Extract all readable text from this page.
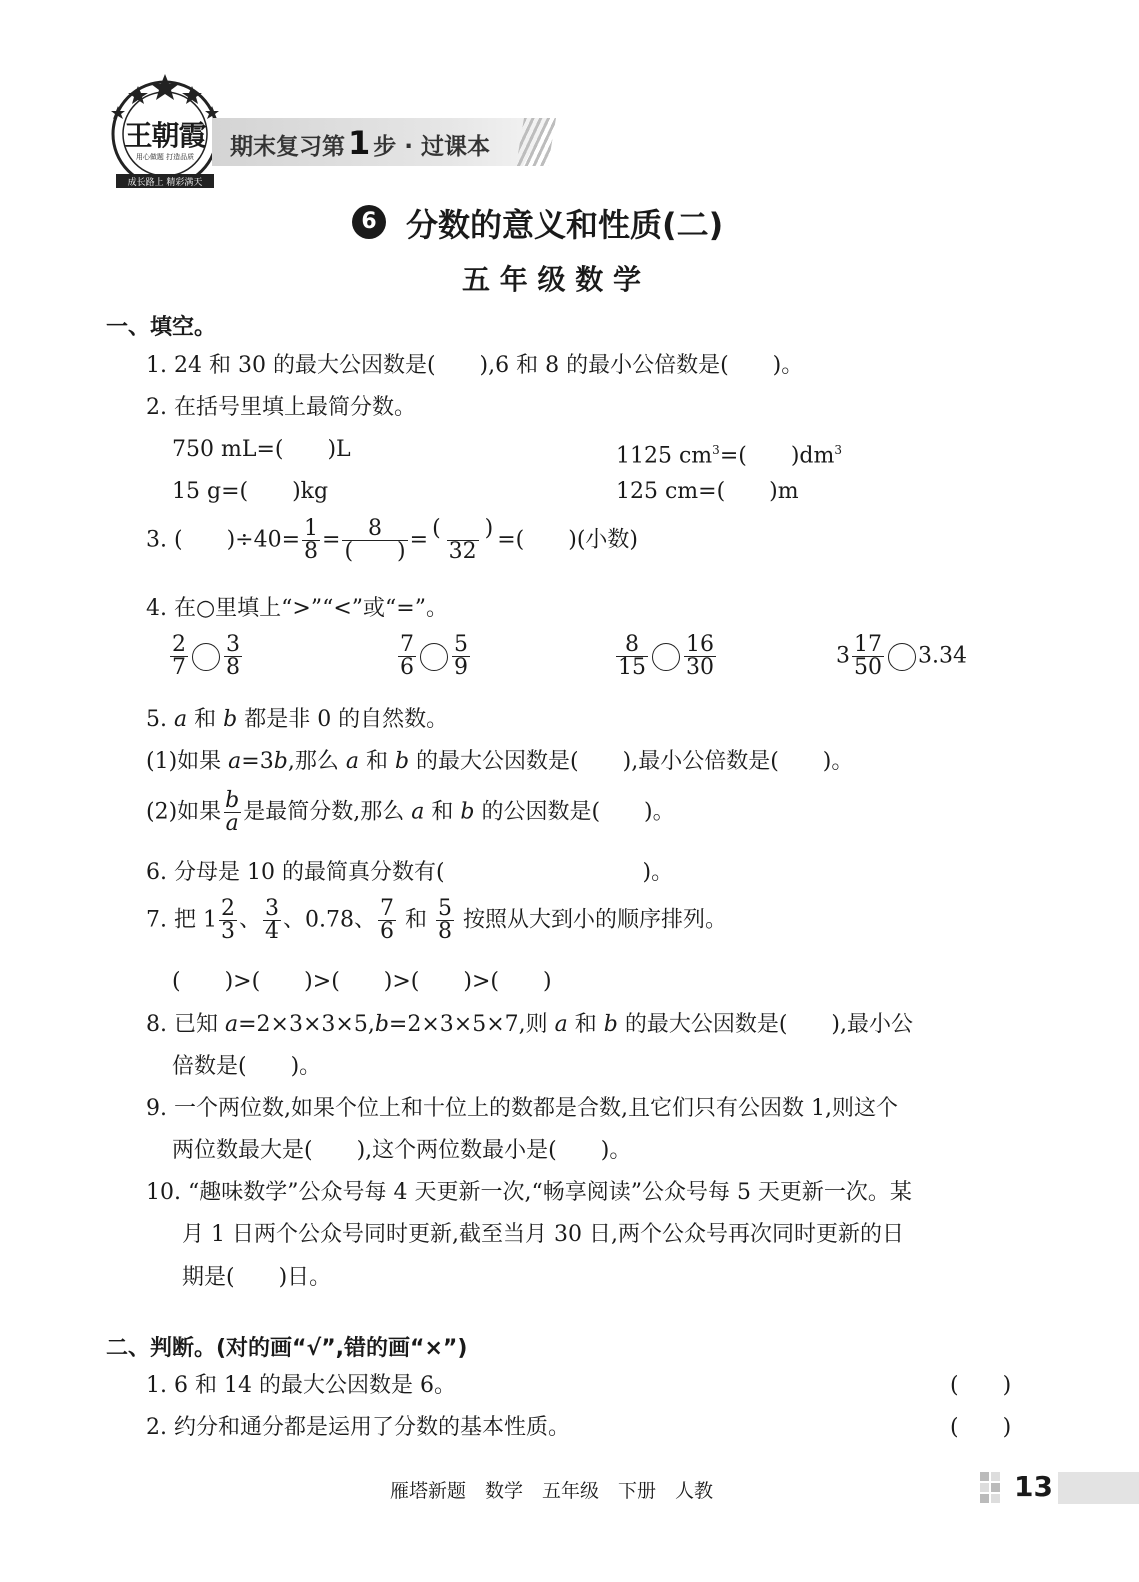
王朝霞
用心做题 打造品质
成长路上 精彩满天
期末复习第1 步 · 过课本
6 分数的意义和性质(二)
五 年 级 数 学
一、填空。
1. 24 和 30 的最大公因数是(　　),6 和 8 的最小公倍数是(　　)。
2. 在括号里填上最简分数。
750 mL=(　　)L	1125 $cm^3=$(　　)$dm^3$
15 g=(　　)kg	125 cm=(　　)m
3. (　　)$\div 40= \frac{1}{8} = 8$
(　　) = (　　)
32 =(　　)(小数)
4. 在○里填上“>”“<”或“=”。
$\frac{2}{7} \frac{3}{8}$	$\frac{7}{6} \frac{5}{9}$	$\frac{8}{15} \frac{16}{30}$	$3 \frac{17}{50} 3.34$
5. a 和 b 都是非 0 的自然数。
(1)如果 a=3b,那么 a 和 b 的最大公因数是(　　),最小公倍数是(　　)。
(2)如果 $\frac{b}{a}$ 是最简分数,那么 a 和 b 的公因数是(　　)。
6. 分母是 10 的最简真分数有(　　　　　　　　　)。
7. 把 $1 \frac{2}{3}$ 、 $\frac{3}{4}$ 、0.78、 $\frac{7}{6}$ 和 $\frac{5}{8}$ 按照从大到小的顺序排列。
(　　)>(　　)>(　　)>(　　)>(　　)
8. 已知 a=2×3×3×5,b=2×3×5×7,则 a 和 b 的最大公因数是(　　),最小公
倍数是(　　)。
9. 一个两位数,如果个位上和十位上的数都是合数,且它们只有公因数 1,则这个
两位数最大是(　　),这个两位数最小是(　　)。
10. “趣味数学”公众号每 4 天更新一次,“畅享阅读”公众号每 5 天更新一次。某
月 1 日两个公众号同时更新,截至当月 30 日,两个公众号再次同时更新的日
期是(　　)日。
二、判断。(对的画“√”,错的画“×”)
1. 6 和 14 的最大公因数是 6。	(　　)
2. 约分和通分都是运用了分数的基本性质。	(　　)
雁塔新题　数学　五年级　下册　人教	13
